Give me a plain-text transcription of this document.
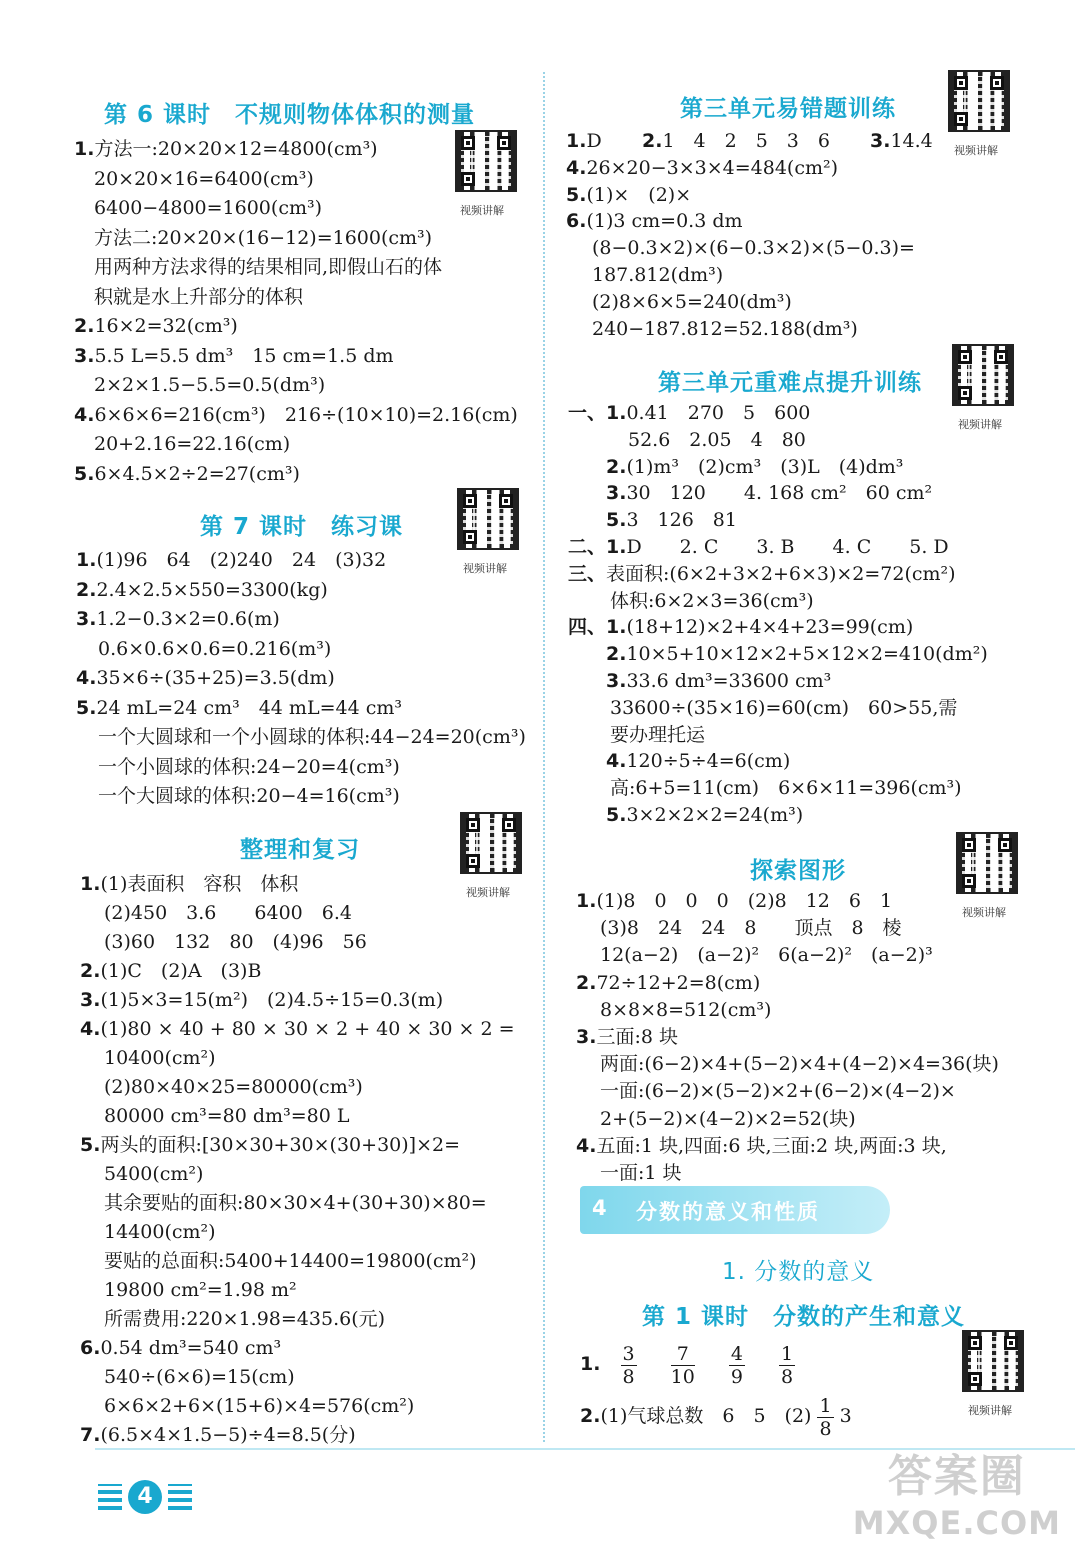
第 6 课时　不规则物体体积的测量
视频讲解
第 7 课时　练习课
视频讲解
整理和复习
视频讲解
第三单元易错题训练
视频讲解
1.D　 2.1　4　2　5　3　6 3.14.4
第三单元重难点提升训练
视频讲解
探索图形
视频讲解
4 分数的意义和性质
1. 分数的意义
第 1 课时　分数的产生和意义
视频讲解
1. $\frac{3}{8}$
$\frac{7}{10}$
$\frac{4}{9}$
$\frac{1}{8}$
2.(1)气球总数　6　5　$(2) \frac{1}{8} 3$
4	答案圈
MXQE.COM
1.方法一:20×20×12=4800(cm³)
20×20×16=6400(cm³)
6400−4800=1600(cm³)
方法二:20×20×(16−12)=1600(cm³)
用两种方法求得的结果相同,即假山石的体
积就是水上升部分的体积
2.16×2=32(cm³)
3.5.5 L=5.5 dm³　15 cm=1.5 dm
2×2×1.5−5.5=0.5(dm³)
4.6×6×6=216(cm³)　216÷(10×10)=2.16(cm)
20+2.16=22.16(cm)
5.6×4.5×2÷2=27(cm³)
1.(1)96　64　(2)240　24　(3)32
2.2.4×2.5×550=3300(kg)
3.1.2−0.3×2=0.6(m)
0.6×0.6×0.6=0.216(m³)
4.35×6÷(35+25)=3.5(dm)
5.24 mL=24 cm³　44 mL=44 cm³
一个大圆球和一个小圆球的体积:44−24=20(cm³)
一个小圆球的体积:24−20=4(cm³)
一个大圆球的体积:20−4=16(cm³)
1.(1)表面积　容积　体积
(2)450　3.6　　6400　6.4
(3)60　132　80　(4)96　56
2.(1)C　(2)A　(3)B
3.(1)5×3=15(m²)　(2)4.5÷15=0.3(m)
4.(1)80 × 40 + 80 × 30 × 2 + 40 × 30 × 2 =
10400(cm²)
(2)80×40×25=80000(cm³)
80000 cm³=80 dm³=80 L
5.两头的面积:[30×30+30×(30+30)]×2=
5400(cm²)
其余要贴的面积:80×30×4+(30+30)×80=
14400(cm²)
要贴的总面积:5400+14400=19800(cm²)
19800 cm²=1.98 m²
所需费用:220×1.98=435.6(元)
6.0.54 dm³=540 cm³
540÷(6×6)=15(cm)
6×6×2+6×(15+6)×4=576(cm²)
7.(6.5×4×1.5−5)÷4=8.5(分)
4.26×20−3×3×4=484(cm²)
5.(1)×　(2)×
6.(1)3 cm=0.3 dm
(8−0.3×2)×(6−0.3×2)×(5−0.3)=
187.812(dm³)
(2)8×6×5=240(dm³)
240−187.812=52.188(dm³)
一、1.0.41　270　5　600
52.6　2.05　4　80
2.(1)m³　(2)cm³　(3)L　(4)dm³
3.30　120　　4. 168 cm²　60 cm²
5.3　126　81
二、1.D　　2. C　　3. B　　4. C　　5. D
三、表面积:(6×2+3×2+6×3)×2=72(cm²)
体积:6×2×3=36(cm³)
四、1.(18+12)×2+4×4+23=99(cm)
2.10×5+10×12×2+5×12×2=410(dm²)
3.33.6 dm³=33600 cm³
33600÷(35×16)=60(cm)　60>55,需
要办理托运
4.120÷5÷4=6(cm)
高:6+5=11(cm)　6×6×11=396(cm³)
5.3×2×2×2=24(m³)
1.(1)8　0　0　0　(2)8　12　6　1
(3)8　24　24　8　　顶点　8　棱
12(a−2)　(a−2)²　6(a−2)²　(a−2)³
2.72÷12+2=8(cm)
8×8×8=512(cm³)
3.三面:8 块
两面:(6−2)×4+(5−2)×4+(4−2)×4=36(块)
一面:(6−2)×(5−2)×2+(6−2)×(4−2)×
2+(5−2)×(4−2)×2=52(块)
4.五面:1 块,四面:6 块,三面:2 块,两面:3 块,
一面:1 块
